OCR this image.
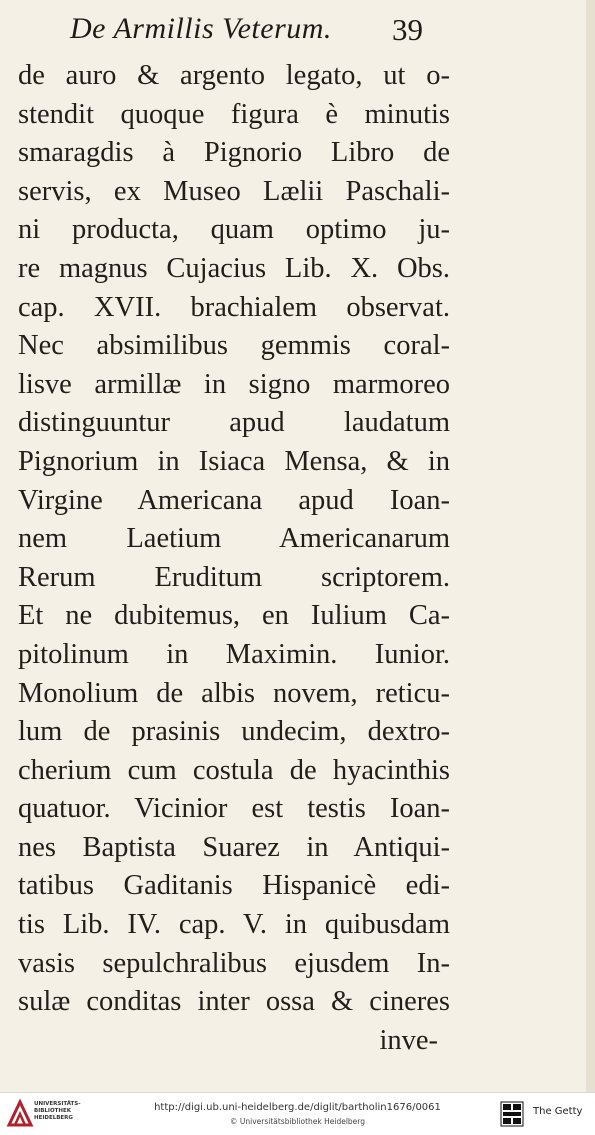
De Armillis Veterum. 39
de auro & argento legato, ut o-
stendit quoque figura è minutis
smaragdis à Pignorio Libro de
servis, ex Museo Lælii Paschali-
ni producta, quam optimo ju-
re magnus Cujacius Lib. X. Obs.
cap. XVII. brachialem observat.
Nec absimilibus gemmis coral-
lisve armillæ in signo marmoreo
distinguuntur apud laudatum
Pignorium in Isiaca Mensa, & in
Virgine Americana apud Ioan-
nem Laetium Americanarum
Rerum Eruditum scriptorem.
Et ne dubitemus, en Iulium Ca-
pitolinum in Maximin. Iunior.
Monolium de albis novem, reticu-
lum de prasinis undecim, dextro-
cherium cum costula de hyacinthis
quatuor. Vicinior est testis Ioan-
nes Baptista Suarez in Antiqui-
tatibus Gaditanis Hispanicè edi-
tis Lib. IV. cap. V. in quibusdam
vasis sepulchralibus ejusdem In-
sulæ conditas inter ossa & cineres
inve-
UNIVERSITÄTS-
BIBLIOTHEK
HEIDELBERG
http://digi.ub.uni-heidelberg.de/diglit/bartholin1676/0061
© Universitätsbibliothek Heidelberg
The Getty
